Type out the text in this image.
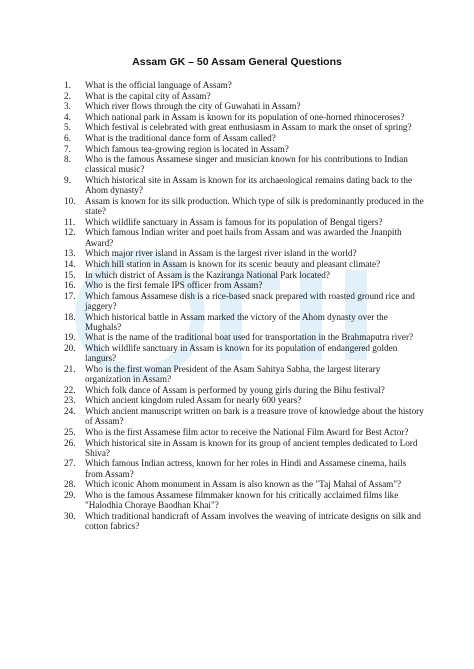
Assam GK – 50 Assam General Questions
1. What is the official language of Assam?
2. What is the capital city of Assam?
3. Which river flows through the city of Guwahati in Assam?
4. Which national park in Assam is known for its population of one-horned rhinoceroses?
5. Which festival is celebrated with great enthusiasm in Assam to mark the onset of spring?
6. What is the traditional dance form of Assam called?
7. Which famous tea-growing region is located in Assam?
8. Who is the famous Assamese singer and musician known for his contributions to Indian classical music?
9. Which historical site in Assam is known for its archaeological remains dating back to the Ahom dynasty?
10. Assam is known for its silk production. Which type of silk is predominantly produced in the state?
11. Which wildlife sanctuary in Assam is famous for its population of Bengal tigers?
12. Which famous Indian writer and poet hails from Assam and was awarded the Jnanpith Award?
13. Which major river island in Assam is the largest river island in the world?
14. Which hill station in Assam is known for its scenic beauty and pleasant climate?
15. In which district of Assam is the Kaziranga National Park located?
16. Who is the first female IPS officer from Assam?
17. Which famous Assamese dish is a rice-based snack prepared with roasted ground rice and jaggery?
18. Which historical battle in Assam marked the victory of the Ahom dynasty over the Mughals?
19. What is the name of the traditional boat used for transportation in the Brahmaputra river?
20. Which wildlife sanctuary in Assam is known for its population of endangered golden langurs?
21. Who is the first woman President of the Asam Sahitya Sabha, the largest literary organization in Assam?
22. Which folk dance of Assam is performed by young girls during the Bihu festival?
23. Which ancient kingdom ruled Assam for nearly 600 years?
24. Which ancient manuscript written on bark is a treasure trove of knowledge about the history of Assam?
25. Who is the first Assamese film actor to receive the National Film Award for Best Actor?
26. Which historical site in Assam is known for its group of ancient temples dedicated to Lord Shiva?
27. Which famous Indian actress, known for her roles in Hindi and Assamese cinema, hails from Assam?
28. Which iconic Ahom monument in Assam is also known as the "Taj Mahal of Assam"?
29. Who is the famous Assamese filmmaker known for his critically acclaimed films like "Halodhia Choraye Baodhan Khai"?
30. Which traditional handicraft of Assam involves the weaving of intricate designs on silk and cotton fabrics?
